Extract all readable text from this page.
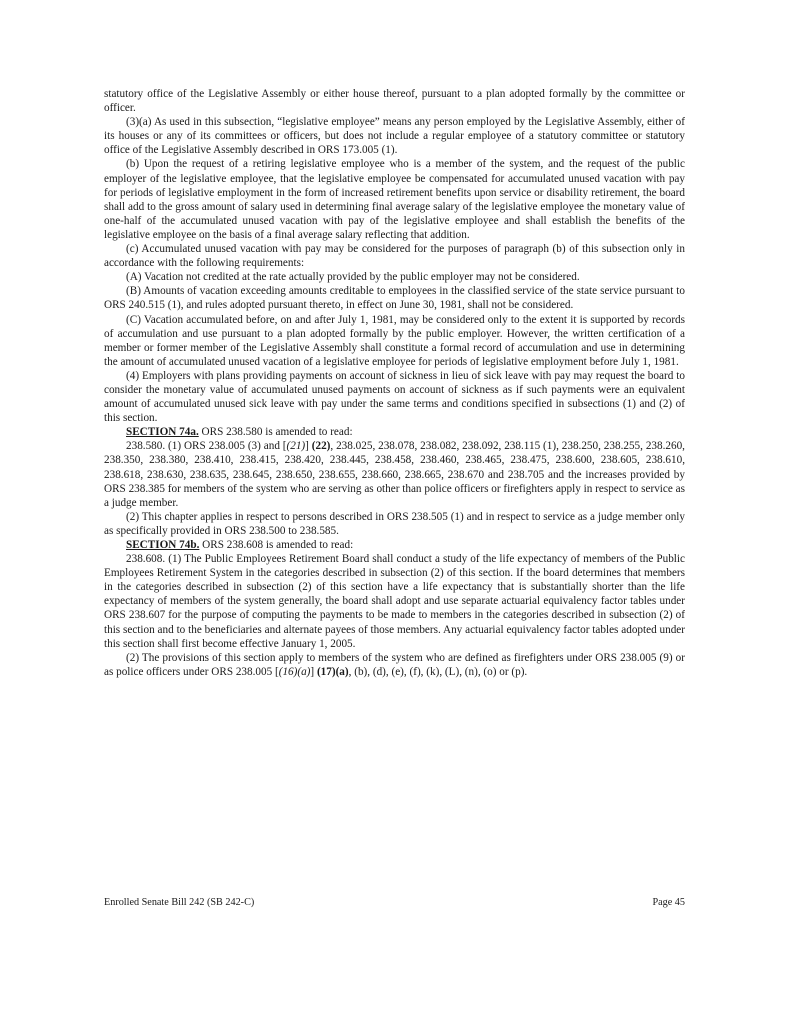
statutory office of the Legislative Assembly or either house thereof, pursuant to a plan adopted formally by the committee or officer.

(3)(a) As used in this subsection, “legislative employee” means any person employed by the Legislative Assembly, either of its houses or any of its committees or officers, but does not include a regular employee of a statutory committee or statutory office of the Legislative Assembly described in ORS 173.005 (1).

(b) Upon the request of a retiring legislative employee who is a member of the system, and the request of the public employer of the legislative employee, that the legislative employee be compensated for accumulated unused vacation with pay for periods of legislative employment in the form of increased retirement benefits upon service or disability retirement, the board shall add to the gross amount of salary used in determining final average salary of the legislative employee the monetary value of one-half of the accumulated unused vacation with pay of the legislative employee and shall establish the benefits of the legislative employee on the basis of a final average salary reflecting that addition.

(c) Accumulated unused vacation with pay may be considered for the purposes of paragraph (b) of this subsection only in accordance with the following requirements:

(A) Vacation not credited at the rate actually provided by the public employer may not be considered.

(B) Amounts of vacation exceeding amounts creditable to employees in the classified service of the state service pursuant to ORS 240.515 (1), and rules adopted pursuant thereto, in effect on June 30, 1981, shall not be considered.

(C) Vacation accumulated before, on and after July 1, 1981, may be considered only to the extent it is supported by records of accumulation and use pursuant to a plan adopted formally by the public employer. However, the written certification of a member or former member of the Legislative Assembly shall constitute a formal record of accumulation and use in determining the amount of accumulated unused vacation of a legislative employee for periods of legislative employment before July 1, 1981.

(4) Employers with plans providing payments on account of sickness in lieu of sick leave with pay may request the board to consider the monetary value of accumulated unused payments on account of sickness as if such payments were an equivalent amount of accumulated unused sick leave with pay under the same terms and conditions specified in subsections (1) and (2) of this section.

SECTION 74a. ORS 238.580 is amended to read:

238.580. (1) ORS 238.005 (3) and [(21)] (22), 238.025, 238.078, 238.082, 238.092, 238.115 (1), 238.250, 238.255, 238.260, 238.350, 238.380, 238.410, 238.415, 238.420, 238.445, 238.458, 238.460, 238.465, 238.475, 238.600, 238.605, 238.610, 238.618, 238.630, 238.635, 238.645, 238.650, 238.655, 238.660, 238.665, 238.670 and 238.705 and the increases provided by ORS 238.385 for members of the system who are serving as other than police officers or firefighters apply in respect to service as a judge member.

(2) This chapter applies in respect to persons described in ORS 238.505 (1) and in respect to service as a judge member only as specifically provided in ORS 238.500 to 238.585.

SECTION 74b. ORS 238.608 is amended to read:

238.608. (1) The Public Employees Retirement Board shall conduct a study of the life expectancy of members of the Public Employees Retirement System in the categories described in subsection (2) of this section. If the board determines that members in the categories described in subsection (2) of this section have a life expectancy that is substantially shorter than the life expectancy of members of the system generally, the board shall adopt and use separate actuarial equivalency factor tables under ORS 238.607 for the purpose of computing the payments to be made to members in the categories described in subsection (2) of this section and to the beneficiaries and alternate payees of those members. Any actuarial equivalency factor tables adopted under this section shall first become effective January 1, 2005.

(2) The provisions of this section apply to members of the system who are defined as firefighters under ORS 238.005 (9) or as police officers under ORS 238.005 [(16)(a)] (17)(a), (b), (d), (e), (f), (k), (L), (n), (o) or (p).

Enrolled Senate Bill 242 (SB 242-C)	Page 45
